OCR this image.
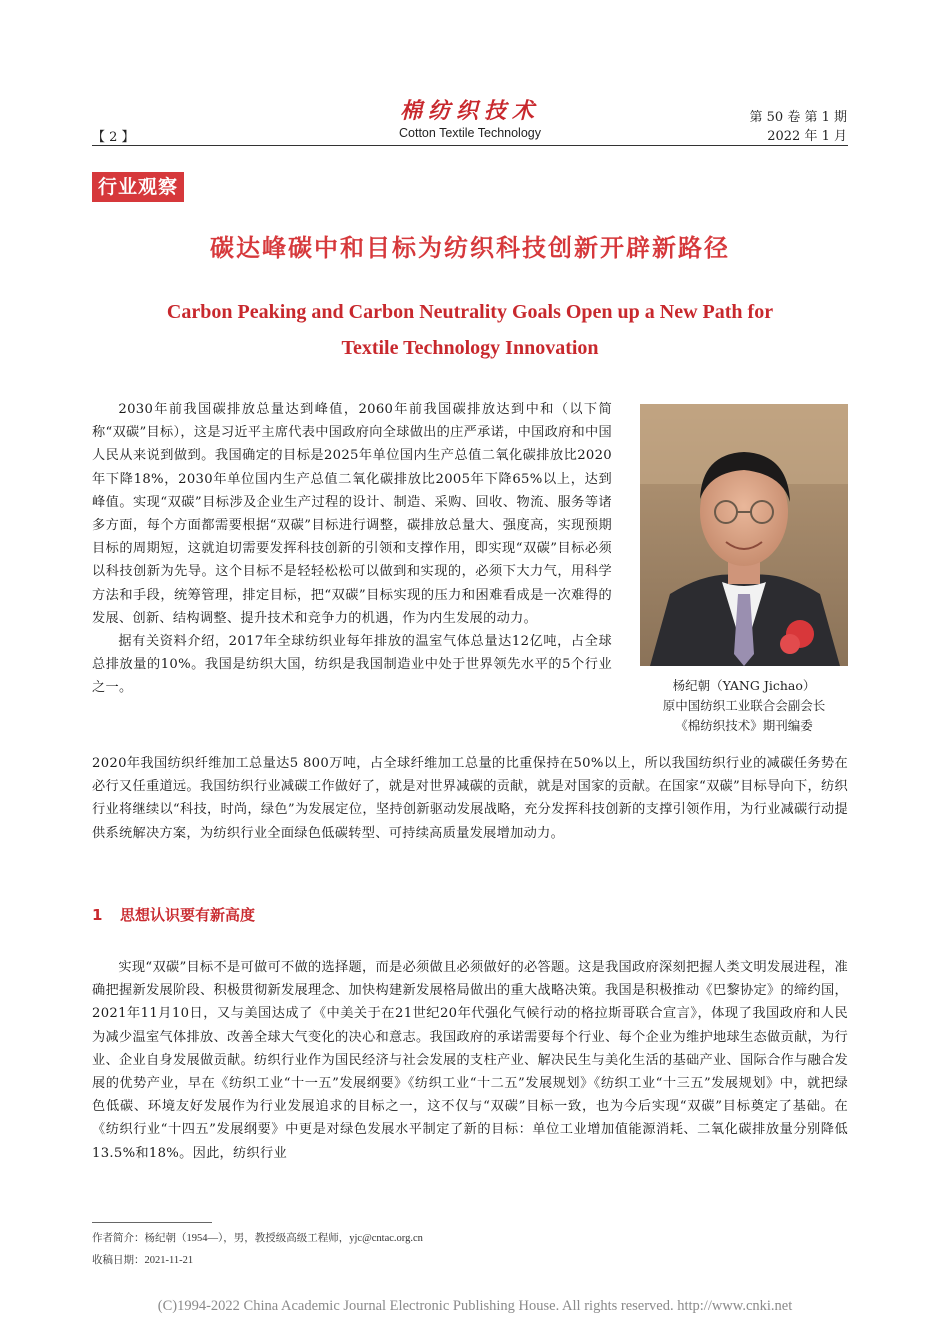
棉纺织技术
Cotton Textile Technology
【 2 】
第 50 卷 第 1 期
2022 年 1 月
行业观察
碳达峰碳中和目标为纺织科技创新开辟新路径
Carbon Peaking and Carbon Neutrality Goals Open up a New Path for
Textile Technology Innovation

2030年前我国碳排放总量达到峰值，2060年前我国碳排放达到中和（以下简称“双碳”目标），这是习近平主席代表中国政府向全球做出的庄严承诺，中国政府和中国人民从来说到做到。我国确定的目标是2025年单位国内生产总值二氧化碳排放比2020年下降18%，2030年单位国内生产总值二氧化碳排放比2005年下降65%以上，达到峰值。实现“双碳”目标涉及企业生产过程的设计、制造、采购、回收、物流、服务等诸多方面，每个方面都需要根据“双碳”目标进行调整，碳排放总量大、强度高，实现预期目标的周期短，这就迫切需要发挥科技创新的引领和支撑作用，即实现“双碳”目标必须以科技创新为先导。这个目标不是轻轻松松可以做到和实现的，必须下大力气，用科学方法和手段，统筹管理，排定目标，把“双碳”目标实现的压力和困难看成是一次难得的发展、创新、结构调整、提升技术和竞争力的机遇，作为内生发展的动力。

据有关资料介绍，2017年全球纺织业每年排放的温室气体总量达12亿吨，占全球总排放量的10%。我国是纺织大国，纺织是我国制造业中处于世界领先水平的5个行业之一。	杨纪朝（YANG Jichao）
原中国纺织工业联合会副会长
《棉纺织技术》期刊编委

2020年我国纺织纤维加工总量达5 800万吨，占全球纤维加工总量的比重保持在50%以上，所以我国纺织行业的减碳任务势在必行又任重道远。我国纺织行业减碳工作做好了，就是对世界减碳的贡献，就是对国家的贡献。在国家“双碳”目标导向下，纺织行业将继续以“科技，时尚，绿色”为发展定位，坚持创新驱动发展战略，充分发挥科技创新的支撑引领作用，为行业减碳行动提供系统解决方案，为纺织行业全面绿色低碳转型、可持续高质量发展增加动力。

1 思想认识要有新高度

实现“双碳”目标不是可做可不做的选择题，而是必须做且必须做好的必答题。这是我国政府深刻把握人类文明发展进程，准确把握新发展阶段、积极贯彻新发展理念、加快构建新发展格局做出的重大战略决策。我国是积极推动《巴黎协定》的缔约国，2021年11月10日，又与美国达成了《中美关于在21世纪20年代强化气候行动的格拉斯哥联合宣言》，体现了我国政府和人民为减少温室气体排放、改善全球大气变化的决心和意志。我国政府的承诺需要每个行业、每个企业为维护地球生态做贡献，为行业、企业自身发展做贡献。纺织行业作为国民经济与社会发展的支柱产业、解决民生与美化生活的基础产业、国际合作与融合发展的优势产业，早在《纺织工业“十一五”发展纲要》《纺织工业“十二五”发展规划》《纺织工业“十三五”发展规划》中，就把绿色低碳、环境友好发展作为行业发展追求的目标之一，这不仅与“双碳”目标一致，也为今后实现“双碳”目标奠定了基础。在《纺织行业“十四五”发展纲要》中更是对绿色发展水平制定了新的目标：单位工业增加值能源消耗、二氧化碳排放量分别降低13.5%和18%。因此，纺织行业

作者简介：杨纪朝（1954—），男，教授级高级工程师，yjc@cntac.org.cn
收稿日期：2021-11-21
(C)1994-2022 China Academic Journal Electronic Publishing House. All rights reserved. http://www.cnki.net
